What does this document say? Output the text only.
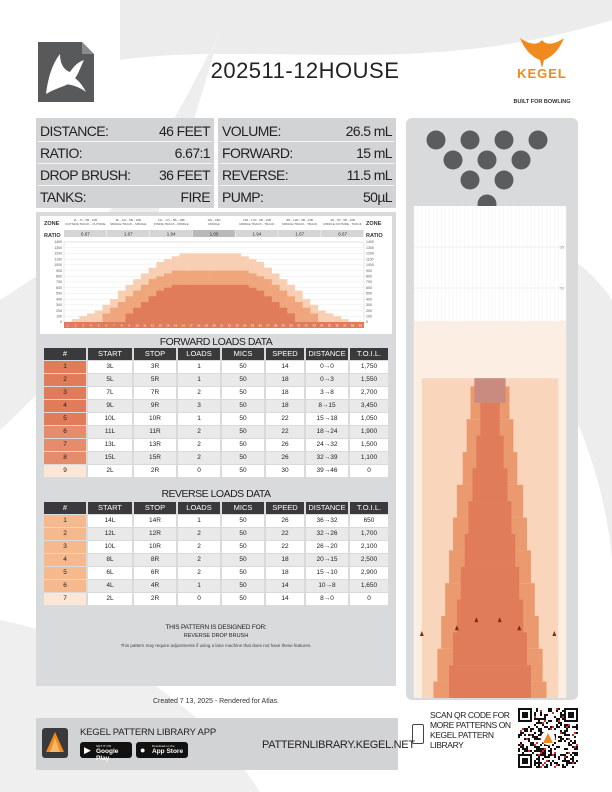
202511-12HOUSE	KEGEL
BUILT FOR BOWLING
DISTANCE:	46 FEET
RATIO:	6.67:1
DROP BRUSH: 36 FEET
TANKS:	FIRE
VOLUME:	26.5 mL
FORWARD:	15 mL
REVERSE:	11.5 mL
PUMP:	50µL
ZONE
RATIO
ZONE
RATIO
2L - 7L - 5B - 10B
OUTSIDE TRACK - OUTSIDE
6.67
8L - 12L - 5B - 10B
MIDDLE TRACK - MIDDLE
1.67
13L - 17L - 5B - 10B
INSIDE TRACK - MIDDLE
1.94
18L - 18R
MIDDLE
1.00
13R - 17R - 5B - 10B
MIDDLE TRACK - TRACK
1.94
8R - 12R - 5B - 10B
MIDDLE TRACK - TRACK
1.67
2R - 7R - 5B - 10B
MIDDLE OUTSIDE - TRACK
6.67
1400	1400
1300	1300
1200	1200
1100	1100
1000	1000
900	900
800	800
700	700
600	600
500	500
400	400
300	300
200	200
100	100
0	0
1 2 3 4 5 6 7 8 9 10 11 12 13 14 15 16 17 18 19 20 21 22 23 24 25 26 27 28 29 30 31 32 33 34 35 36 37 38 39
FORWARD LOADS DATA
#	START	STOP	LOADS	MICS	SPEED	DISTANCE	T.O.I.L.
1	3L	3R	1	50	14	0→0	1,750
2	5L	5R	1	50	18	0→3	1,550
3	7L	7R	2	50	18	3→8	2,700
4	9L	9R	3	50	18	8→15	3,450
5	10L	10R	1	50	22	15→18	1,050
6	11L	11R	2	50	22	18→24	1,900
7	13L	13R	2	50	26	24→32	1,500
8	15L	15R	2	50	26	32→39	1,100
9	2L	2R	0	50	30	39→46	0
REVERSE LOADS DATA
#	START	STOP	LOADS	MICS	SPEED	DISTANCE	T.O.I.L.
1	14L	14R	1	50	26	36→32	650
2	12L	12R	2	50	22	32→26	1,700
3	10L	10R	2	50	22	26→20	2,100
4	8L	8R	2	50	18	20→15	2,500
5	6L	6R	2	50	18	15→10	2,900
6	4L	4R	1	50	14	10→8	1,650
7	2L	2R	0	50	14	8→0	0
THIS PATTERN IS DESIGNED FOR:
REVERSE DROP BRUSH
This pattern may require adjustments if using a lane machine that does not have these features.
Created 7 13, 2025 - Rendered for Atlas.
55
50
KEGEL PATTERN LIBRARY APP
▶ GET IT ON
Google Play
● Download on the
App Store
PATTERNLIBRARY.KEGEL.NET
SCAN QR CODE FOR MORE PATTERNS ON KEGEL PATTERN LIBRARY
